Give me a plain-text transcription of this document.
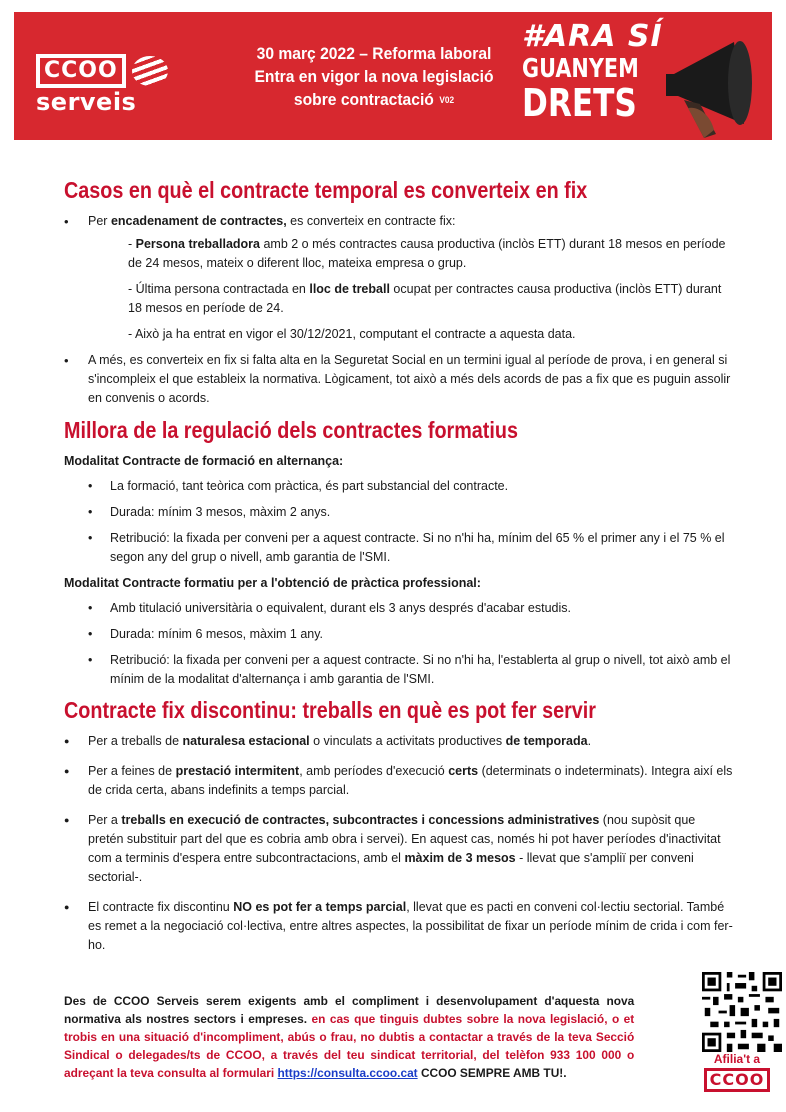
CCOO
serveis
30 març 2022 – Reforma laboral
Entra en vigor la nova legislació
sobre contractació V02
#ARA SÍ
GUANYEM
DRETS
Casos en què el contracte temporal es converteix en fix
• Per encadenament de contractes, es converteix en contracte fix:

- Persona treballadora amb 2 o més contractes causa productiva (inclòs ETT) durant 18 mesos en període de 24 mesos, mateix o diferent lloc, mateixa empresa o grup.

- Última persona contractada en lloc de treball ocupat per contractes causa productiva (inclòs ETT) durant 18 mesos en període de 24.

- Això ja ha entrat en vigor el 30/12/2021, computant el contracte a aquesta data.

• A més, es converteix en fix si falta alta en la Seguretat Social en un termini igual al període de prova, i en general si s'incompleix el que estableix la normativa. Lògicament, tot això a més dels acords de pas a fix que es puguin assolir en convenis o acords.
Millora de la regulació dels contractes formatius
Modalitat Contracte de formació en alternança:
• La formació, tant teòrica com pràctica, és part substancial del contracte.
• Durada: mínim 3 mesos, màxim 2 anys.
• Retribució: la fixada per conveni per a aquest contracte. Si no n'hi ha, mínim del 65 % el primer any i el 75 % el segon any del grup o nivell, amb garantia de l'SMI.
Modalitat Contracte formatiu per a l'obtenció de pràctica professional:
• Amb titulació universitària o equivalent, durant els 3 anys després d'acabar estudis.
• Durada: mínim 6 mesos, màxim 1 any.
• Retribució: la fixada per conveni per a aquest contracte. Si no n'hi ha, l'establerta al grup o nivell, tot això amb el mínim de la modalitat d'alternança i amb garantia de l'SMI.
Contracte fix discontinu: treballs en què es pot fer servir
● Per a treballs de naturalesa estacional o vinculats a activitats productives de temporada.
● Per a feines de prestació intermitent, amb períodes d'execució certs (determinats o indeterminats). Integra així els de crida certa, abans indefinits a temps parcial.
● Per a treballs en execució de contractes, subcontractes i concessions administratives (nou supòsit que pretén substituir part del que es cobria amb obra i servei). En aquest cas, només hi pot haver períodes d'inactivitat com a terminis d'espera entre subcontractacions, amb el màxim de 3 mesos - llevat que s'ampliï per conveni sectorial-.
● El contracte fix discontinu NO es pot fer a temps parcial, llevat que es pacti en conveni col·lectiu sectorial. També es remet a la negociació col·lectiva, entre altres aspectes, la possibilitat de fixar un període mínim de crida i com fer-ho.
Des de CCOO Serveis serem exigents amb el compliment i desenvolupament d'aquesta nova normativa als nostres sectors i empreses. en cas que tinguis dubtes sobre la nova legislació, o et trobis en una situació d'incompliment, abús o frau, no dubtis a contactar a través de la teva Secció Sindical o delegades/ts de CCOO, a través del teu sindicat territorial, del telèfon 933 100 000 o adreçant la teva consulta al formulari https://consulta.ccoo.cat CCOO SEMPRE AMB TU!.
Afilia't a
CCOO
